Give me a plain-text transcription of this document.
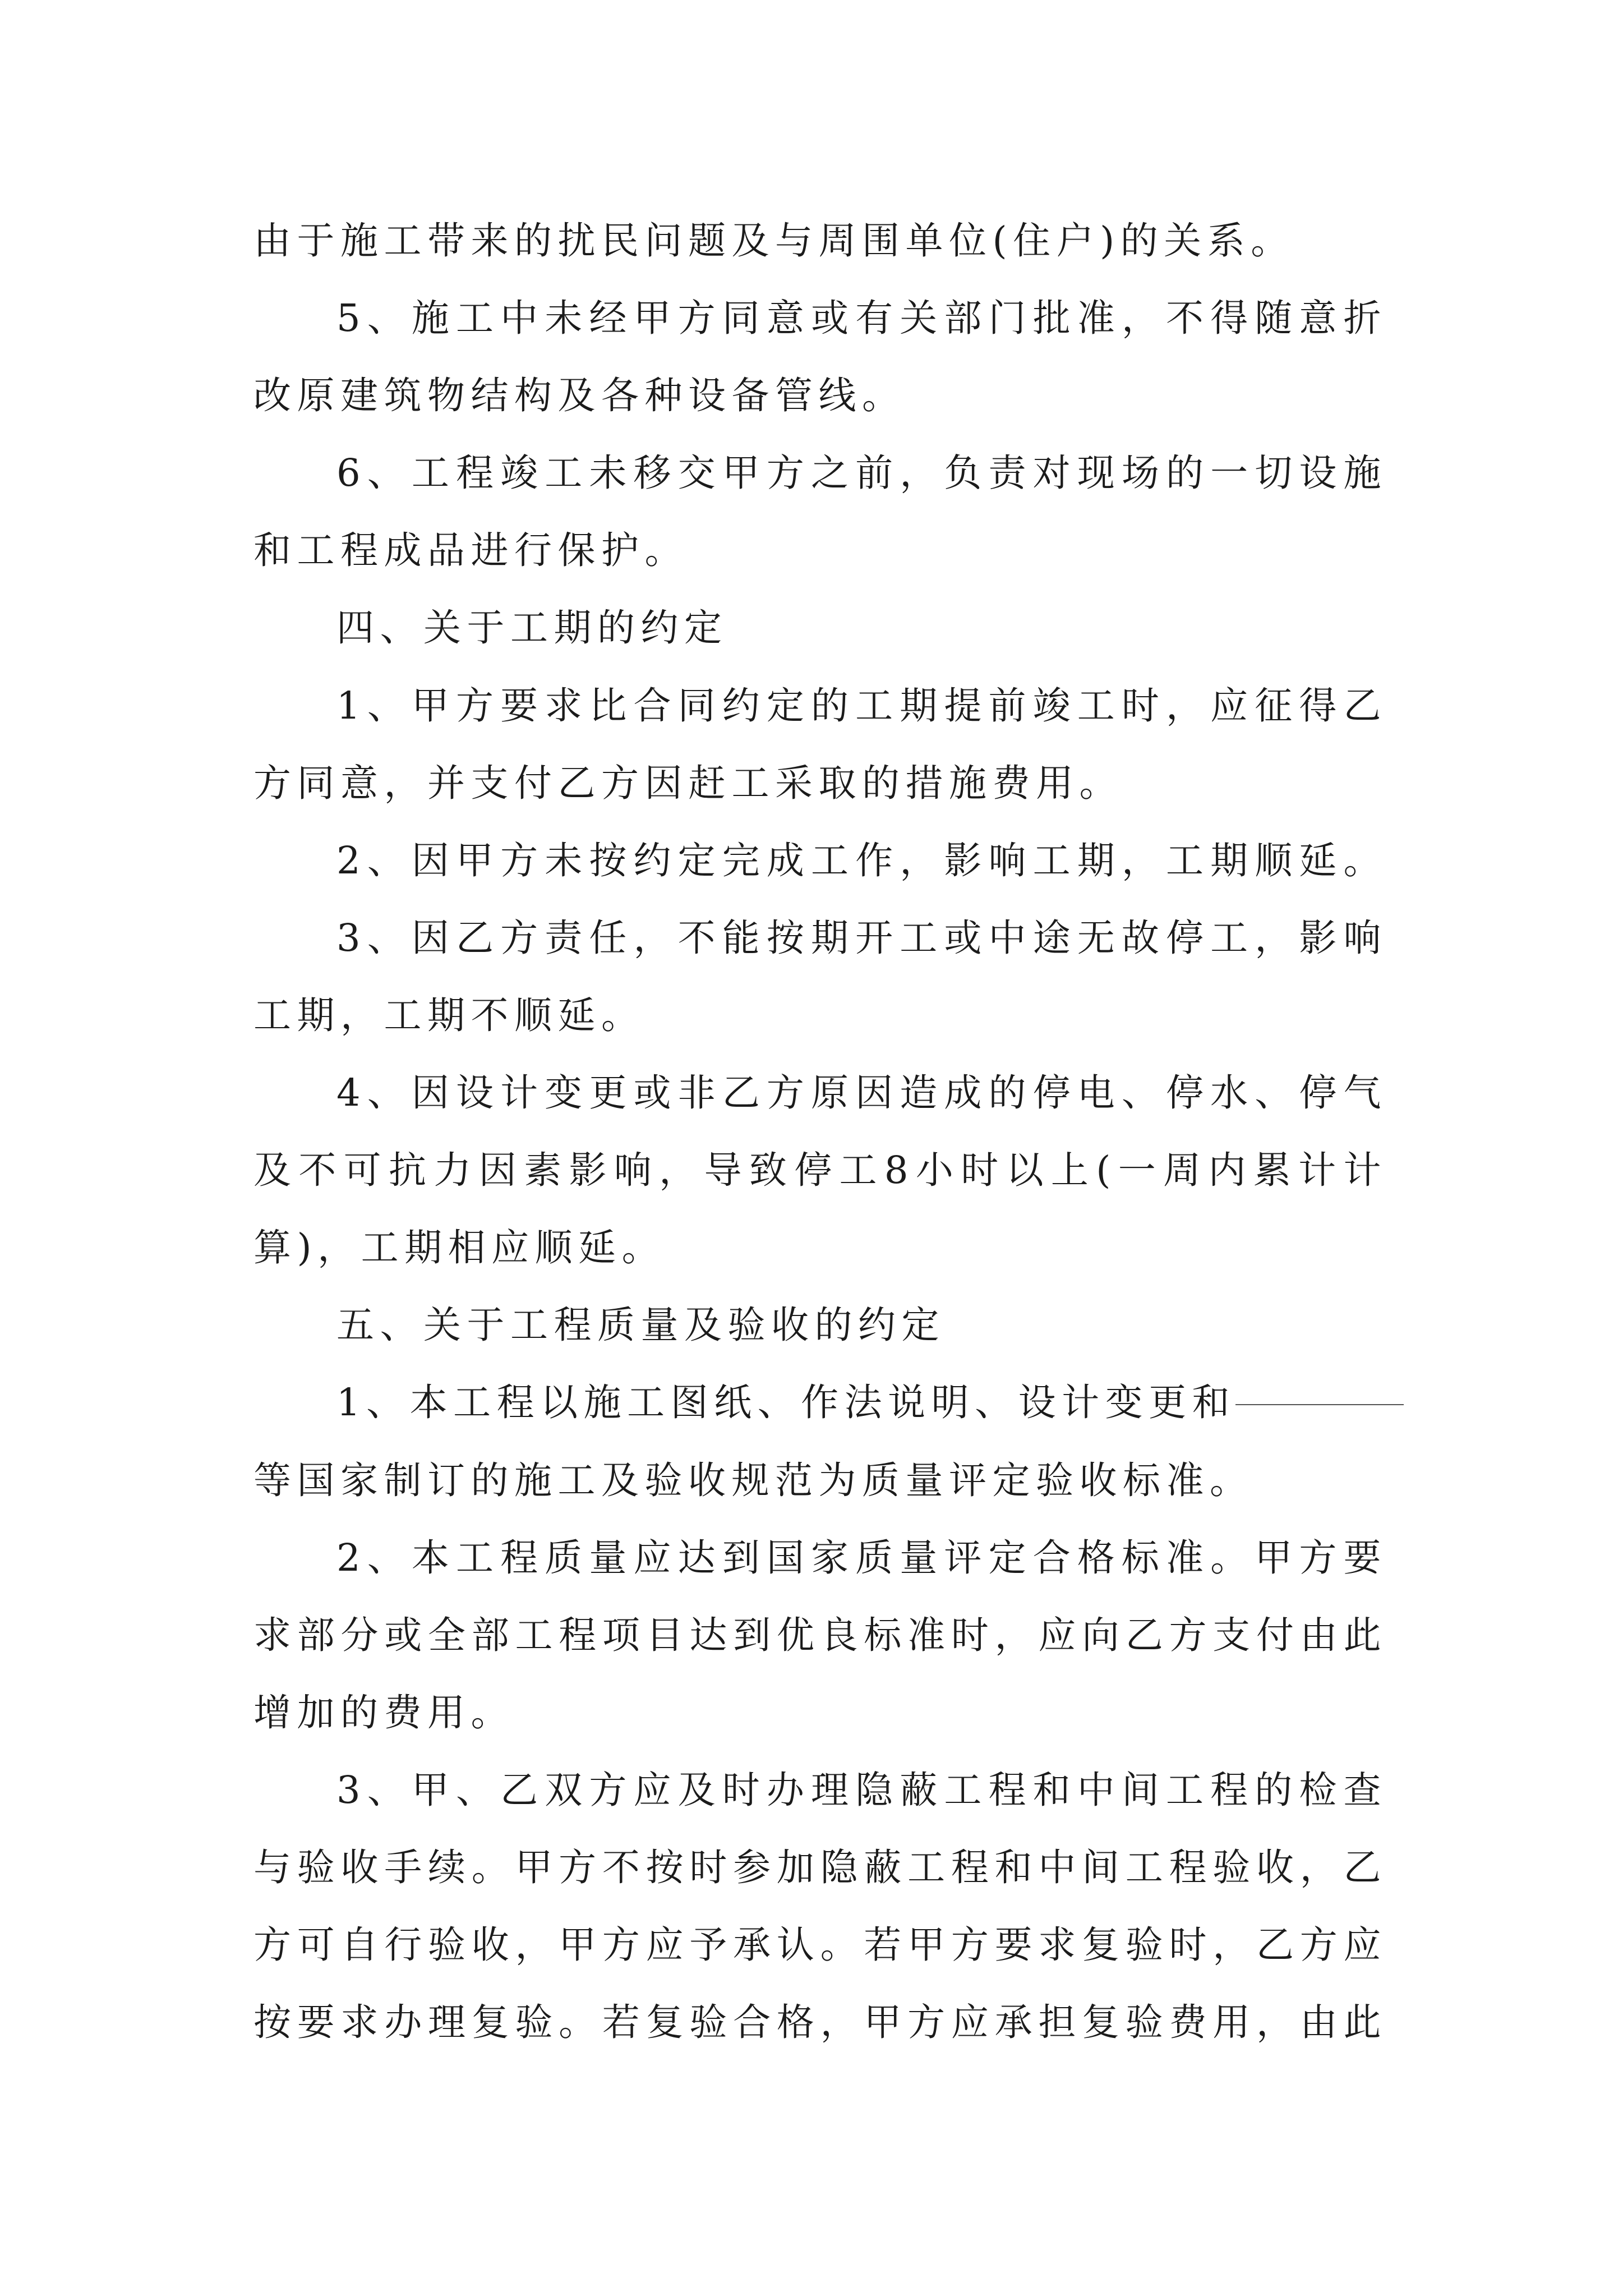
由于施工带来的扰民问题及与周围单位(住户)的关系。
5、施工中未经甲方同意或有关部门批准，不得随意折
改原建筑物结构及各种设备管线。
6、工程竣工未移交甲方之前，负责对现场的一切设施
和工程成品进行保护。
四、关于工期的约定
1、甲方要求比合同约定的工期提前竣工时，应征得乙
方同意，并支付乙方因赶工采取的措施费用。
2、因甲方未按约定完成工作，影响工期，工期顺延。
3、因乙方责任，不能按期开工或中途无故停工，影响
工期，工期不顺延。
4、因设计变更或非乙方原因造成的停电、停水、停气
及不可抗力因素影响，导致停工8小时以上(一周内累计计
算)，工期相应顺延。
五、关于工程质量及验收的约定
1、本工程以施工图纸、作法说明、设计变更和
等国家制订的施工及验收规范为质量评定验收标准。
2、本工程质量应达到国家质量评定合格标准。甲方要
求部分或全部工程项目达到优良标准时，应向乙方支付由此
增加的费用。
3、甲、乙双方应及时办理隐蔽工程和中间工程的检查
与验收手续。甲方不按时参加隐蔽工程和中间工程验收，乙
方可自行验收，甲方应予承认。若甲方要求复验时，乙方应
按要求办理复验。若复验合格，甲方应承担复验费用，由此
